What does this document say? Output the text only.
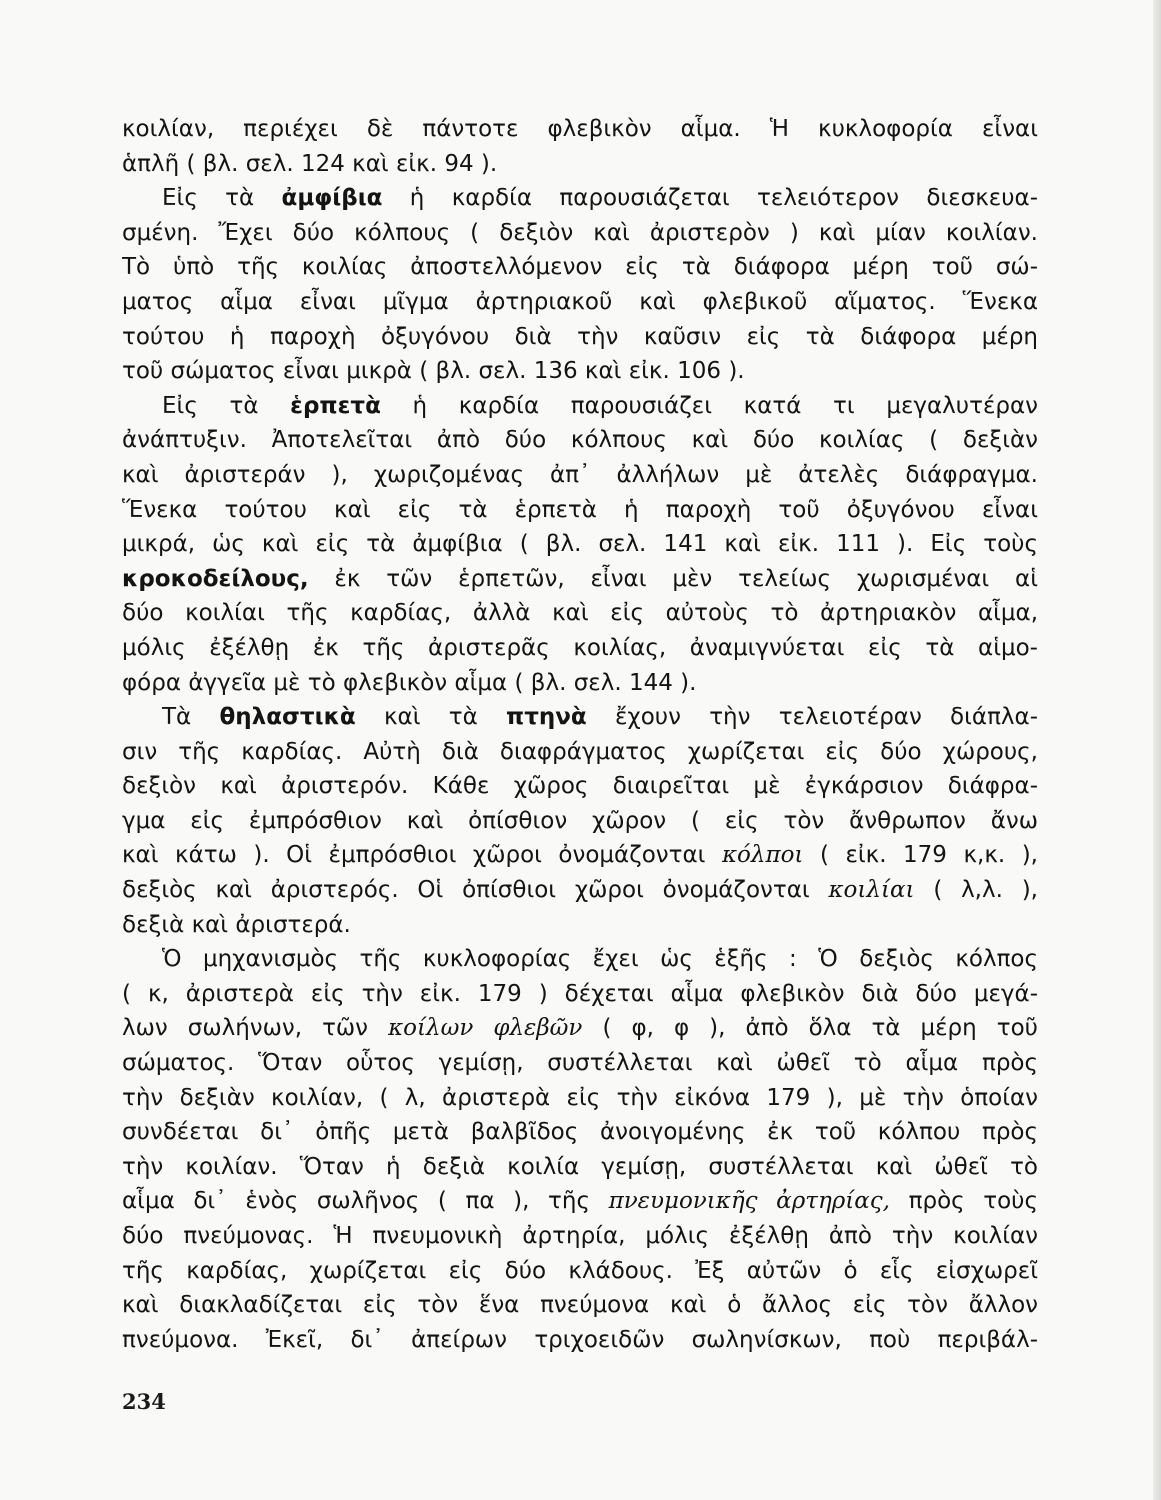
κοιλίαν, περιέχει δὲ πάντοτε φλεβικὸν αἷμα. Ἡ κυκλοφορία εἶναι
ἁπλῆ ( βλ. σελ. 124 καὶ εἰκ. 94 ).
Εἰς τὰ ἀμφίβια ἡ καρδία παρουσιάζεται τελειότερον διεσκευα-
σμένη. Ἔχει δύο κόλπους ( δεξιὸν καὶ ἀριστερὸν ) καὶ μίαν κοιλίαν.
Τὸ ὑπὸ τῆς κοιλίας ἀποστελλόμενον εἰς τὰ διάφορα μέρη τοῦ σώ-
ματος αἷμα εἶναι μῖγμα ἀρτηριακοῦ καὶ φλεβικοῦ αἵματος. Ἕνεκα
τούτου ἡ παροχὴ ὀξυγόνου διὰ τὴν καῦσιν εἰς τὰ διάφορα μέρη
τοῦ σώματος εἶναι μικρὰ ( βλ. σελ. 136 καὶ εἰκ. 106 ).
Εἰς τὰ ἑρπετὰ ἡ καρδία παρουσιάζει κατά τι μεγαλυτέραν
ἀνάπτυξιν. Ἀποτελεῖται ἀπὸ δύο κόλπους καὶ δύο κοιλίας ( δεξιὰν
καὶ ἀριστεράν ), χωριζομένας ἀπ᾽ ἀλλήλων μὲ ἀτελὲς διάφραγμα.
Ἕνεκα τούτου καὶ εἰς τὰ ἑρπετὰ ἡ παροχὴ τοῦ ὀξυγόνου εἶναι
μικρά, ὡς καὶ εἰς τὰ ἀμφίβια ( βλ. σελ. 141 καὶ εἰκ. 111 ). Εἰς τοὺς
κροκοδείλους, ἐκ τῶν ἑρπετῶν, εἶναι μὲν τελείως χωρισμέναι αἱ
δύο κοιλίαι τῆς καρδίας, ἀλλὰ καὶ εἰς αὐτοὺς τὸ ἀρτηριακὸν αἷμα,
μόλις ἐξέλθῃ ἐκ τῆς ἀριστερᾶς κοιλίας, ἀναμιγνύεται εἰς τὰ αἱμο-
φόρα ἀγγεῖα μὲ τὸ φλεβικὸν αἷμα ( βλ. σελ. 144 ).
Τὰ θηλαστικὰ καὶ τὰ πτηνὰ ἔχουν τὴν τελειοτέραν διάπλα-
σιν τῆς καρδίας. Αὐτὴ διὰ διαφράγματος χωρίζεται εἰς δύο χώρους,
δεξιὸν καὶ ἀριστερόν. Κάθε χῶρος διαιρεῖται μὲ ἐγκάρσιον διάφρα-
γμα εἰς ἐμπρόσθιον καὶ ὀπίσθιον χῶρον ( εἰς τὸν ἄνθρωπον ἄνω
καὶ κάτω ). Οἱ ἐμπρόσθιοι χῶροι ὀνομάζονται κόλποι ( εἰκ. 179 κ,κ. ),
δεξιὸς καὶ ἀριστερός. Οἱ ὀπίσθιοι χῶροι ὀνομάζονται κοιλίαι ( λ,λ. ),
δεξιὰ καὶ ἀριστερά.
Ὁ μηχανισμὸς τῆς κυκλοφορίας ἔχει ὡς ἑξῆς : Ὁ δεξιὸς κόλπος
( κ, ἀριστερὰ εἰς τὴν εἰκ. 179 ) δέχεται αἷμα φλεβικὸν διὰ δύο μεγά-
λων σωλήνων, τῶν κοίλων φλεβῶν ( φ, φ ), ἀπὸ ὅλα τὰ μέρη τοῦ
σώματος. Ὅταν οὗτος γεμίσῃ, συστέλλεται καὶ ὠθεῖ τὸ αἷμα πρὸς
τὴν δεξιὰν κοιλίαν, ( λ, ἀριστερὰ εἰς τὴν εἰκόνα 179 ), μὲ τὴν ὁποίαν
συνδέεται δι᾽ ὀπῆς μετὰ βαλβῖδος ἀνοιγομένης ἐκ τοῦ κόλπου πρὸς
τὴν κοιλίαν. Ὅταν ἡ δεξιὰ κοιλία γεμίσῃ, συστέλλεται καὶ ὠθεῖ τὸ
αἷμα δι᾽ ἑνὸς σωλῆνος ( πα ), τῆς πνευμονικῆς ἀρτηρίας, πρὸς τοὺς
δύο πνεύμονας. Ἡ πνευμονικὴ ἀρτηρία, μόλις ἐξέλθῃ ἀπὸ τὴν κοιλίαν
τῆς καρδίας, χωρίζεται εἰς δύο κλάδους. Ἐξ αὐτῶν ὁ εἷς εἰσχωρεῖ
καὶ διακλαδίζεται εἰς τὸν ἕνα πνεύμονα καὶ ὁ ἄλλος εἰς τὸν ἄλλον
πνεύμονα. Ἐκεῖ, δι᾽ ἀπείρων τριχοειδῶν σωληνίσκων, ποὺ περιβάλ-
234
